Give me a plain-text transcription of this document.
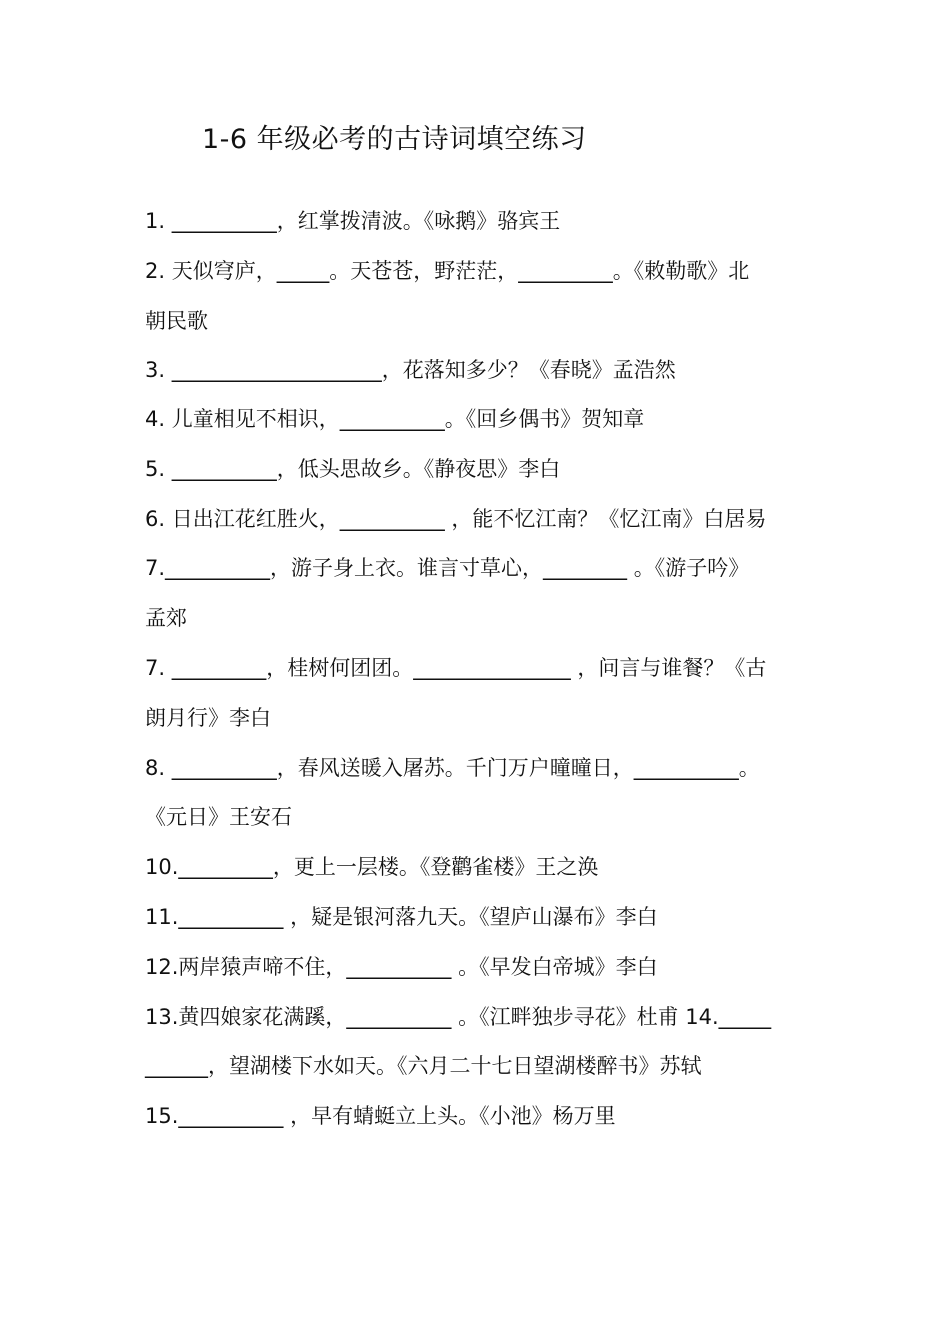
1-6 年级必考的古诗词填空练习
1. __________，红掌拨清波。《咏鹅》骆宾王
2. 天似穹庐，_____。天苍苍，野茫茫，_________。《敕勒歌》北
朝民歌
3. ____________________，花落知多少？《春晓》孟浩然
4. 儿童相见不相识，__________。《回乡偶书》贺知章
5. __________，低头思故乡。《静夜思》李白
6. 日出江花红胜火，__________ ，能不忆江南？《忆江南》白居易
7.__________，游子身上衣。谁言寸草心，________ 。《游子吟》
孟郊
7. _________，桂树何团团。_______________ ，问言与谁餐？《古
朗月行》李白
8. __________，春风送暖入屠苏。千门万户曈曈日，__________。
《元日》王安石
10._________，更上一层楼。《登鹳雀楼》王之涣
11.__________ ，疑是银河落九天。《望庐山瀑布》李白
12.两岸猿声啼不住，__________ 。《早发白帝城》李白
13.黄四娘家花满蹊，__________ 。《江畔独步寻花》杜甫 14._____
______，望湖楼下水如天。《六月二十七日望湖楼醉书》苏轼
15.__________ ，早有蜻蜓立上头。《小池》杨万里
